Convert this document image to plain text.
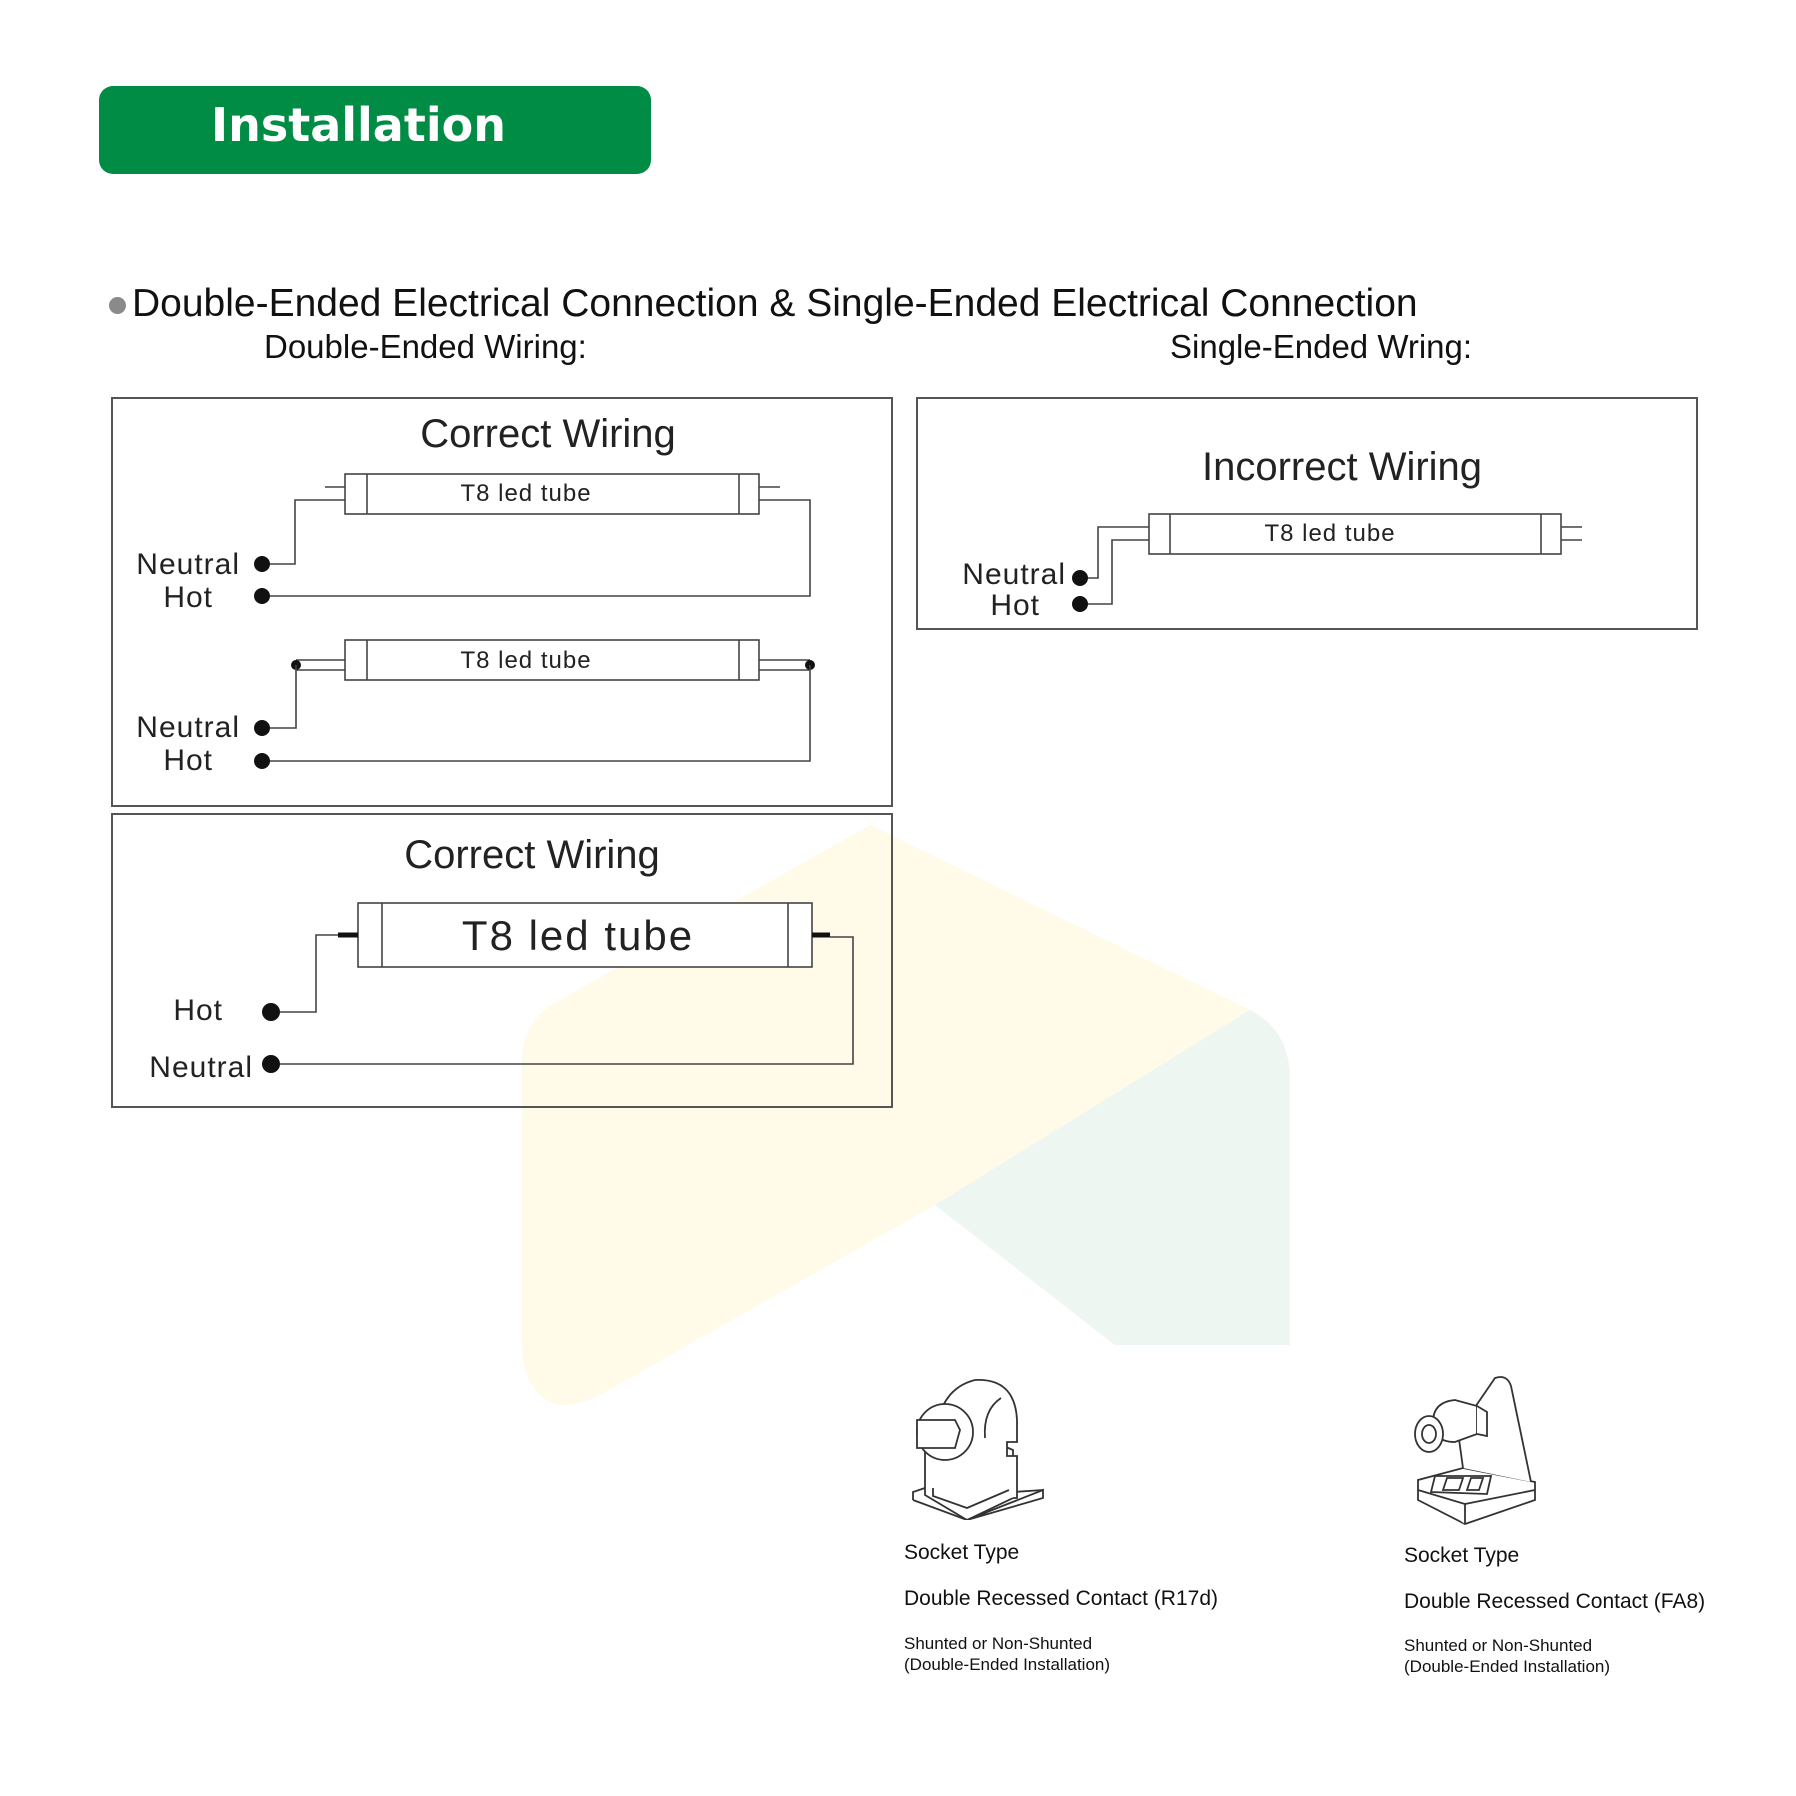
Installation
Double-Ended Electrical Connection & Single-Ended Electrical Connection
Double-Ended Wiring:	Single-Ended Wring:
Correct Wiring
T8 led tube
Neutral
Hot
T8 led tube
Neutral
Hot
Correct Wiring
T8 led tube
Hot
Neutral
Incorrect Wiring
T8 led tube
Neutral
Hot
Socket Type
Double Recessed Contact (R17d)
Shunted or Non-Shunted
(Double-Ended Installation)
Socket Type
Double Recessed Contact (FA8)
Shunted or Non-Shunted
(Double-Ended Installation)
